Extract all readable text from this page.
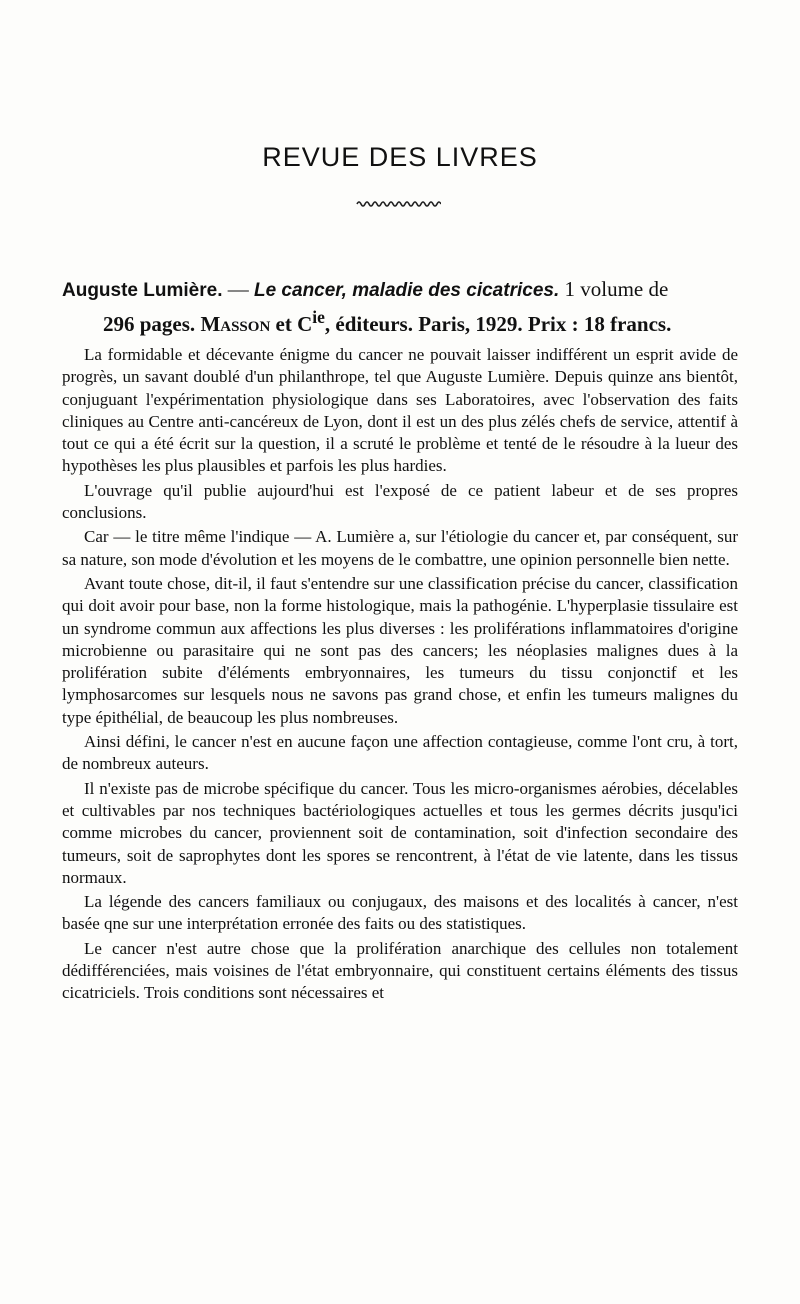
REVUE DES LIVRES
Auguste Lumière. — Le cancer, maladie des cicatrices. 1 volume de
296 pages. Masson et $C^{ie}$, éditeurs. Paris, 1929. Prix : 18 francs.

La formidable et décevante énigme du cancer ne pouvait laisser indifférent un esprit avide de progrès, un savant doublé d'un philanthrope, tel que Auguste Lumière. Depuis quinze ans bientôt, conjuguant l'expérimentation physiologique dans ses Laboratoires, avec l'observation des faits cliniques au Centre anti-cancéreux de Lyon, dont il est un des plus zélés chefs de service, attentif à tout ce qui a été écrit sur la question, il a scruté le problème et tenté de le résoudre à la lueur des hypothèses les plus plausibles et parfois les plus hardies.

L'ouvrage qu'il publie aujourd'hui est l'exposé de ce patient labeur et de ses propres conclusions.

Car — le titre même l'indique — A. Lumière a, sur l'étiologie du cancer et, par conséquent, sur sa nature, son mode d'évolution et les moyens de le combattre, une opinion personnelle bien nette.

Avant toute chose, dit-il, il faut s'entendre sur une classification précise du cancer, classification qui doit avoir pour base, non la forme histologique, mais la pathogénie. L'hyperplasie tissulaire est un syndrome commun aux affections les plus diverses : les proliférations inflammatoires d'origine microbienne ou parasitaire qui ne sont pas des cancers; les néoplasies malignes dues à la prolifération subite d'éléments embryonnaires, les tumeurs du tissu conjonctif et les lymphosarcomes sur lesquels nous ne savons pas grand chose, et enfin les tumeurs malignes du type épithélial, de beaucoup les plus nombreuses.

Ainsi défini, le cancer n'est en aucune façon une affection contagieuse, comme l'ont cru, à tort, de nombreux auteurs.

Il n'existe pas de microbe spécifique du cancer. Tous les micro-organismes aérobies, décelables et cultivables par nos techniques bactériologiques actuelles et tous les germes décrits jusqu'ici comme microbes du cancer, proviennent soit de contamination, soit d'infection secondaire des tumeurs, soit de saprophytes dont les spores se rencontrent, à l'état de vie latente, dans les tissus normaux.

La légende des cancers familiaux ou conjugaux, des maisons et des localités à cancer, n'est basée qne sur une interprétation erronée des faits ou des statistiques.

Le cancer n'est autre chose que la prolifération anarchique des cellules non totalement dédifférenciées, mais voisines de l'état embryonnaire, qui constituent certains éléments des tissus cicatriciels. Trois conditions sont nécessaires et
